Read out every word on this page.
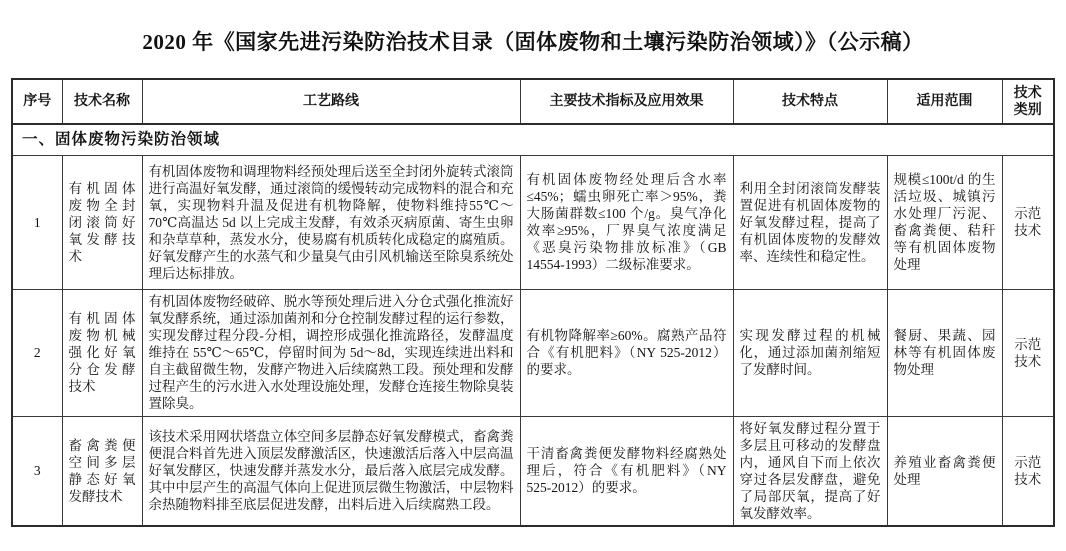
2020 年《国家先进污染防治技术目录（固体废物和土壤污染防治领域）》（公示稿）
序号	技术名称	工艺路线	主要技术指标及应用效果	技术特点	适用范围	技术类别
一、固体废物污染防治领域						
1	有机固体废物全封闭滚筒好氧发酵技术	有机固体废物和调理物料经预处理后送至全封闭外旋转式滚筒进行高温好氧发酵，通过滚筒的缓慢转动完成物料的混合和充氧，实现物料升温及促进有机物降解，使物料维持55℃～70℃高温达 5d 以上完成主发酵，有效杀灭病原菌、寄生虫卵和杂草草种，蒸发水分，使易腐有机质转化成稳定的腐殖质。好氧发酵产生的水蒸气和少量臭气由引风机输送至除臭系统处理后达标排放。	有机固体废物经处理后含水率≤45%；蠕虫卵死亡率＞95%，粪大肠菌群数≤100 个/g。臭气净化效率≥95%，厂界臭气浓度满足《恶臭污染物排放标准》（GB 14554-1993）二级标准要求。	利用全封闭滚筒发酵装置促进有机固体废物的好氧发酵过程，提高了有机固体废物的发酵效率、连续性和稳定性。	规模≤100t/d 的生活垃圾、城镇污水处理厂污泥、畜禽粪便、秸秆等有机固体废物处理	示范技术
2	有机固体废物机械强化好氧分仓发酵技术	有机固体废物经破碎、脱水等预处理后进入分仓式强化推流好氧发酵系统，通过添加菌剂和分仓控制发酵过程的运行参数，实现发酵过程分段-分相，调控形成强化推流路径，发酵温度维持在 55℃～65℃，停留时间为 5d～8d，实现连续进出料和自主截留微生物，发酵产物进入后续腐熟工段。预处理和发酵过程产生的污水进入水处理设施处理，发酵仓连接生物除臭装置除臭。	有机物降解率≥60%。腐熟产品符合《有机肥料》（NY 525-2012）的要求。	实现发酵过程的机械化，通过添加菌剂缩短了发酵时间。	餐厨、果蔬、园林等有机固体废物处理	示范技术
3	畜禽粪便空间多层静态好氧发酵技术	该技术采用网状塔盘立体空间多层静态好氧发酵模式，畜禽粪便混合料首先进入顶层发酵激活区，快速激活后落入中层高温好氧发酵区，快速发酵并蒸发水分，最后落入底层完成发酵。其中中层产生的高温气体向上促进顶层微生物激活，中层物料余热随物料排至底层促进发酵，出料后进入后续腐熟工段。	干清畜禽粪便发酵物料经腐熟处理后，符合《有机肥料》（NY 525-2012）的要求。	将好氧发酵过程分置于多层且可移动的发酵盘内，通风自下而上依次穿过各层发酵盘，避免了局部厌氧，提高了好氧发酵效率。	养殖业畜禽粪便处理	示范技术
